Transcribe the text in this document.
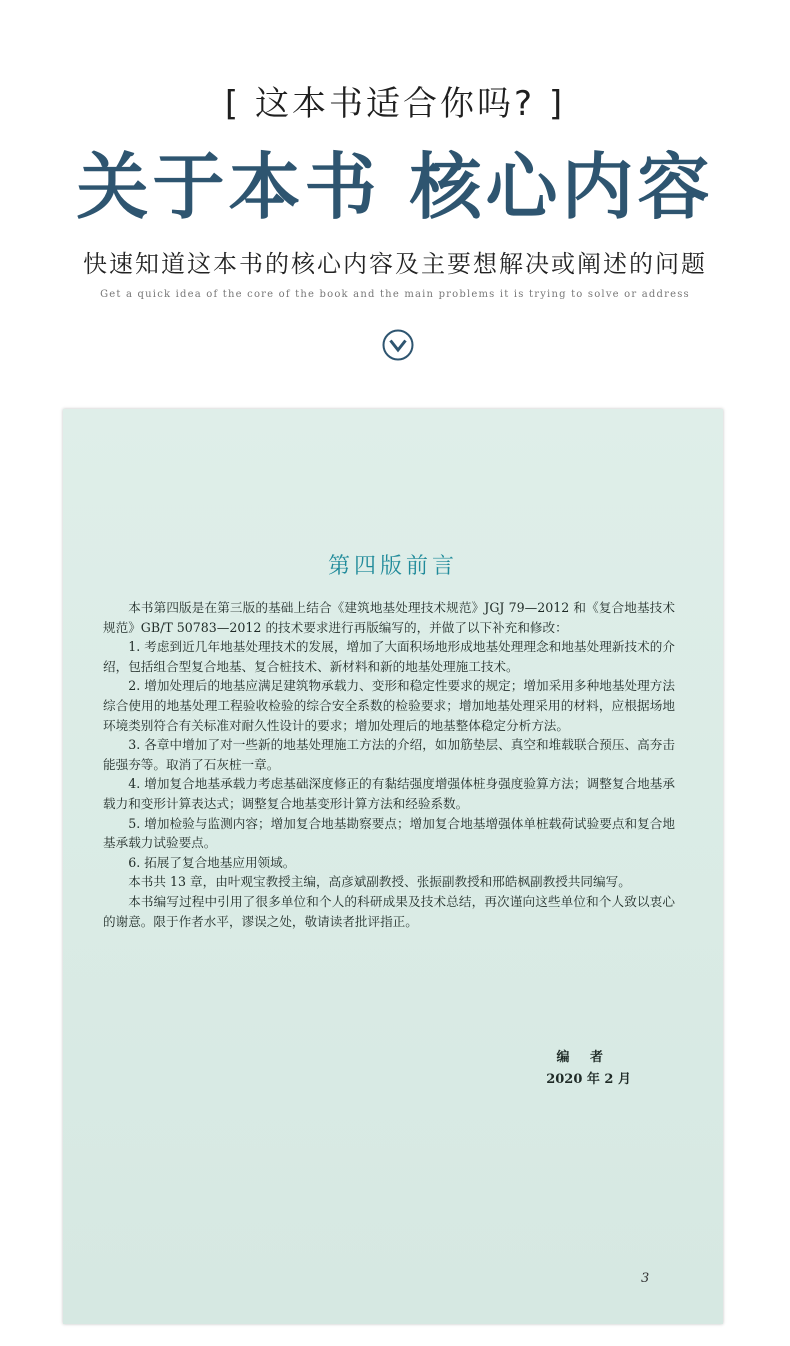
[ 这本书适合你吗? ]
关于本书 核心内容
快速知道这本书的核心内容及主要想解决或阐述的问题
Get a quick idea of the core of the book and the main problems it is trying to solve or address
第四版前言

本书第四版是在第三版的基础上结合《建筑地基处理技术规范》JGJ 79—2012 和《复合地基技术规范》GB/T 50783—2012 的技术要求进行再版编写的，并做了以下补充和修改：

1. 考虑到近几年地基处理技术的发展，增加了大面积场地形成地基处理理念和地基处理新技术的介绍，包括组合型复合地基、复合桩技术、新材料和新的地基处理施工技术。

2. 增加处理后的地基应满足建筑物承载力、变形和稳定性要求的规定；增加采用多种地基处理方法综合使用的地基处理工程验收检验的综合安全系数的检验要求；增加地基处理采用的材料，应根据场地环境类别符合有关标准对耐久性设计的要求；增加处理后的地基整体稳定分析方法。

3. 各章中增加了对一些新的地基处理施工方法的介绍，如加筋垫层、真空和堆载联合预压、高夯击能强夯等。取消了石灰桩一章。

4. 增加复合地基承载力考虑基础深度修正的有黏结强度增强体桩身强度验算方法；调整复合地基承载力和变形计算表达式；调整复合地基变形计算方法和经验系数。

5. 增加检验与监测内容；增加复合地基勘察要点；增加复合地基增强体单桩载荷试验要点和复合地基承载力试验要点。

6. 拓展了复合地基应用领域。

本书共 13 章，由叶观宝教授主编，高彦斌副教授、张振副教授和邢皓枫副教授共同编写。

本书编写过程中引用了很多单位和个人的科研成果及技术总结，再次谨向这些单位和个人致以衷心的谢意。限于作者水平，谬误之处，敬请读者批评指正。

编 者
2020 年 2 月
3
